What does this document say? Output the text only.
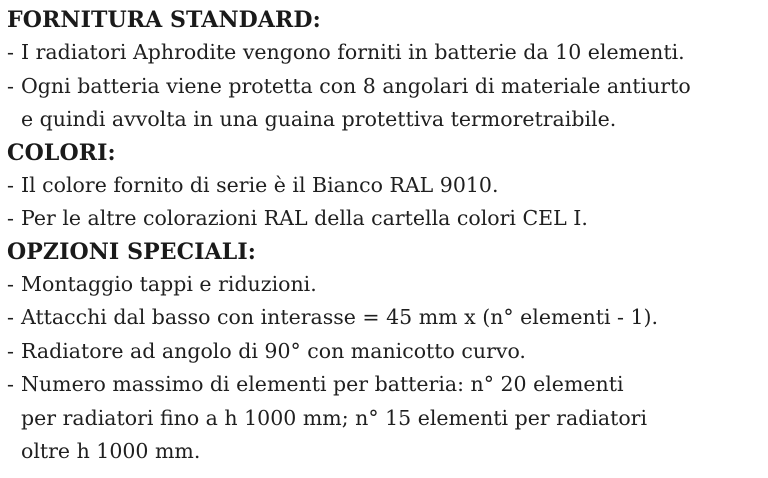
FORNITURA STANDARD:

- I radiatori Aphrodite vengono forniti in batterie da 10 elementi.

- Ogni batteria viene protetta con 8 angolari di materiale antiurto

e quindi avvolta in una guaina protettiva termoretraibile.

COLORI:

- Il colore fornito di serie è il Bianco RAL 9010.

- Per le altre colorazioni RAL della cartella colori CEL I.

OPZIONI SPECIALI:

- Montaggio tappi e riduzioni.

- Attacchi dal basso con interasse = 45 mm x (n° elementi - 1).

- Radiatore ad angolo di 90° con manicotto curvo.

- Numero massimo di elementi per batteria: n° 20 elementi

per radiatori fino a h 1000 mm; n° 15 elementi per radiatori

oltre h 1000 mm.
